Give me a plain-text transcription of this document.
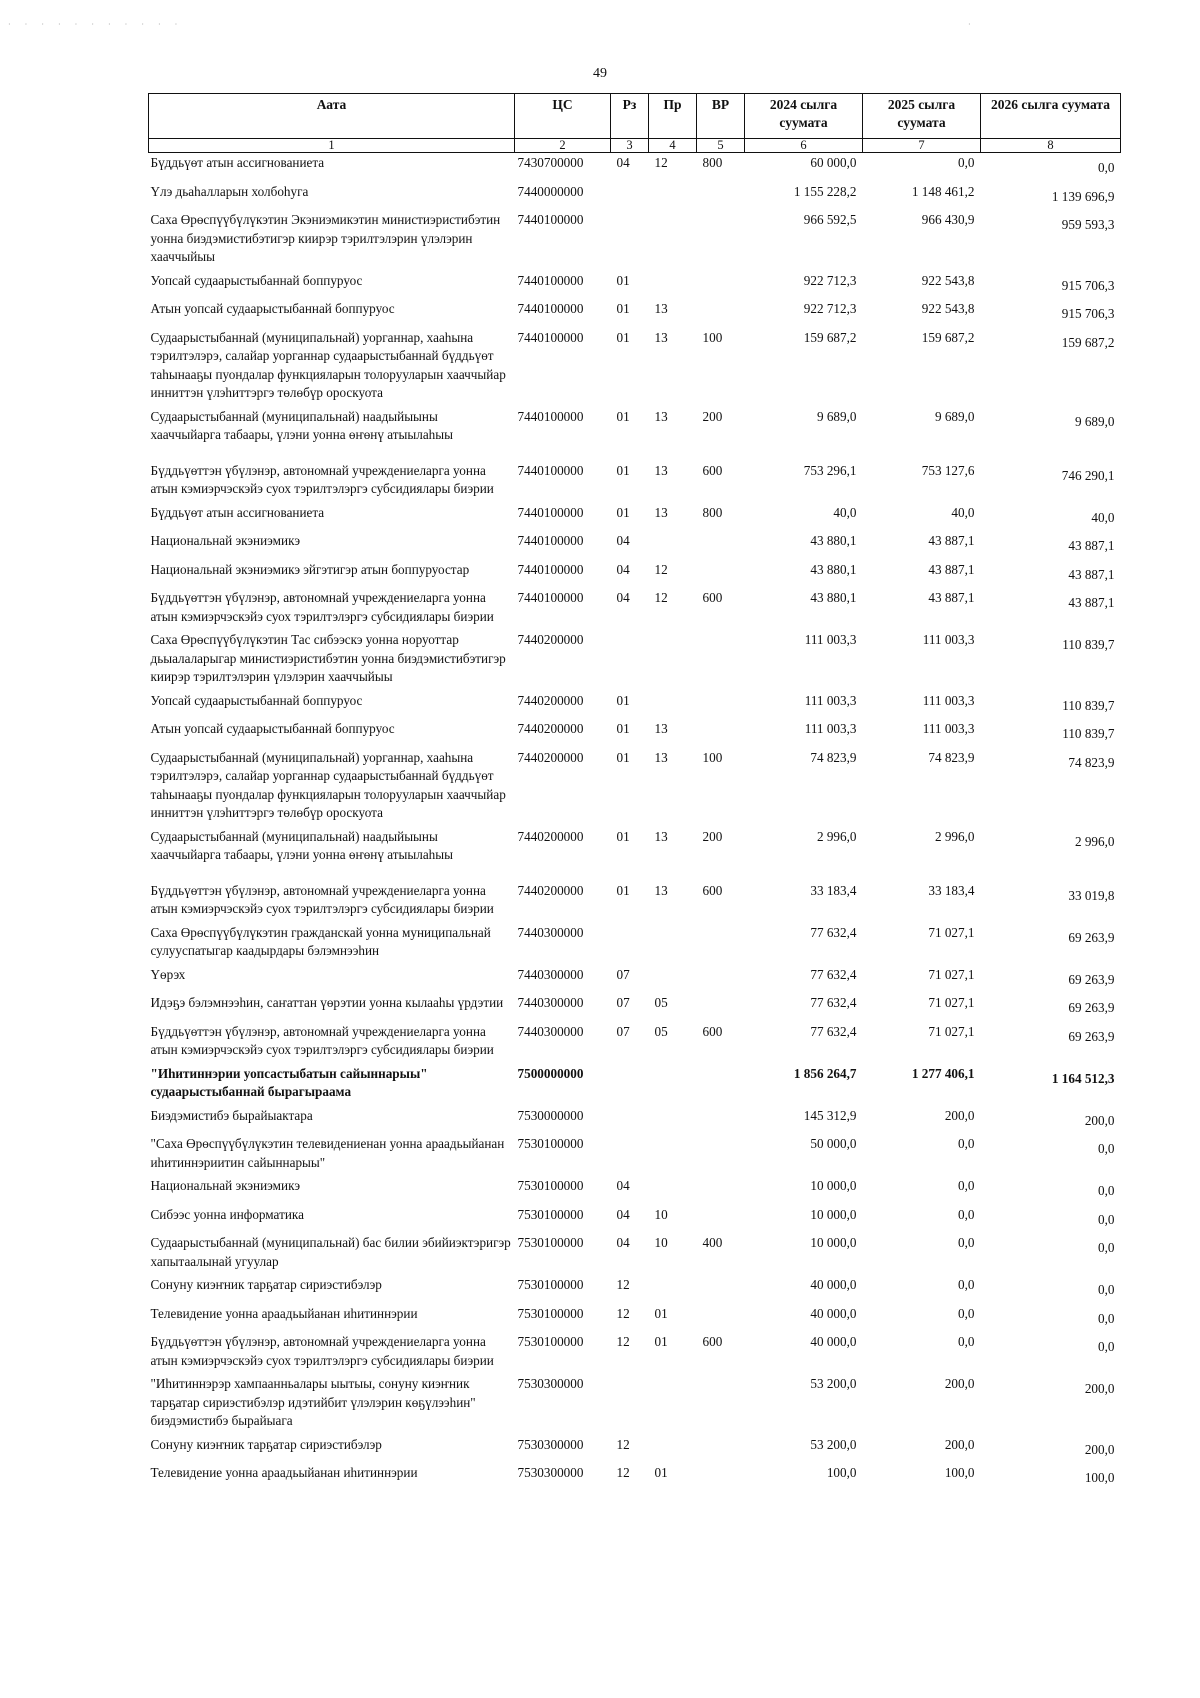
· · · · · · · · · · ·	·
49
Аата	ЦС	Рз	Пр	ВР	2024 сылга суумата	2025 сылга суумата	2026 сылга суумата
1	2	3	4	5	6	7	8
Бүддьүөт атын ассигнованиета	7430700000	04	12	800	60 000,0	0,0	0,0
Үлэ дьаһалларын холбоһуга	7440000000				1 155 228,2	1 148 461,2	1 139 696,9
Саха Өрөспүүбүлүкэтин Экэниэмикэтин министиэристибэтин уонна биэдэмистибэтигэр киирэр тэрилтэлэрин үлэлэрин хааччыйыы	7440100000				966 592,5	966 430,9	959 593,3
Уопсай судаарыстыбаннай боппуруос	7440100000	01			922 712,3	922 543,8	915 706,3
Атын уопсай судаарыстыбаннай боппуруос	7440100000	01	13		922 712,3	922 543,8	915 706,3
Судаарыстыбаннай (муниципальнай) уорганнар, хааһына тэрилтэлэрэ, салайар уорганнар судаарыстыбаннай бүддьүөт таһынааҕы пуондалар функцияларын толорууларын хааччыйар инниттэн үлэһиттэргэ төлөбүр ороскуота	7440100000	01	13	100	159 687,2	159 687,2	159 687,2
Судаарыстыбаннай (муниципальнай) наадыйыыны хааччыйарга табаары, үлэни уонна өҥөнү атыылаһыы	7440100000	01	13	200	9 689,0	9 689,0	9 689,0
Бүддьүөттэн үбүлэнэр, автономнай учреждениеларга уонна атын кэмиэрчэскэйэ суох тэрилтэлэргэ субсидиялары биэрии	7440100000	01	13	600	753 296,1	753 127,6	746 290,1
Бүддьүөт атын ассигнованиета	7440100000	01	13	800	40,0	40,0	40,0
Национальнай экэниэмикэ	7440100000	04			43 880,1	43 887,1	43 887,1
Национальнай экэниэмикэ эйгэтигэр атын боппуруостар	7440100000	04	12		43 880,1	43 887,1	43 887,1
Бүддьүөттэн үбүлэнэр, автономнай учреждениеларга уонна атын кэмиэрчэскэйэ суох тэрилтэлэргэ субсидиялары биэрии	7440100000	04	12	600	43 880,1	43 887,1	43 887,1
Саха Өрөспүүбүлүкэтин Тас сибээскэ уонна норуоттар дьыалаларыгар министиэристибэтин уонна биэдэмистибэтигэр киирэр тэрилтэлэрин үлэлэрин хааччыйыы	7440200000				111 003,3	111 003,3	110 839,7
Уопсай судаарыстыбаннай боппуруос	7440200000	01			111 003,3	111 003,3	110 839,7
Атын уопсай судаарыстыбаннай боппуруос	7440200000	01	13		111 003,3	111 003,3	110 839,7
Судаарыстыбаннай (муниципальнай) уорганнар, хааһына тэрилтэлэрэ, салайар уорганнар судаарыстыбаннай бүддьүөт таһынааҕы пуондалар функцияларын толорууларын хааччыйар инниттэн үлэһиттэргэ төлөбүр ороскуота	7440200000	01	13	100	74 823,9	74 823,9	74 823,9
Судаарыстыбаннай (муниципальнай) наадыйыыны хааччыйарга табаары, үлэни уонна өҥөнү атыылаһыы	7440200000	01	13	200	2 996,0	2 996,0	2 996,0
Бүддьүөттэн үбүлэнэр, автономнай учреждениеларга уонна атын кэмиэрчэскэйэ суох тэрилтэлэргэ субсидиялары биэрии	7440200000	01	13	600	33 183,4	33 183,4	33 019,8
Саха Өрөспүүбүлүкэтин гражданскай уонна муниципальнай сулууспатыгар каадырдары бэлэмнээһин	7440300000				77 632,4	71 027,1	69 263,9
Үөрэх	7440300000	07			77 632,4	71 027,1	69 263,9
Идэҕэ бэлэмнээһин, саҥаттан үөрэтии уонна кылааһы үрдэтии	7440300000	07	05		77 632,4	71 027,1	69 263,9
Бүддьүөттэн үбүлэнэр, автономнай учреждениеларга уонна атын кэмиэрчэскэйэ суох тэрилтэлэргэ субсидиялары биэрии	7440300000	07	05	600	77 632,4	71 027,1	69 263,9
"Иһитиннэрии уопсастыбатын сайыннарыы" судаарыстыбаннай бырагыраама	7500000000				1 856 264,7	1 277 406,1	1 164 512,3
Биэдэмистибэ бырайыактара	7530000000				145 312,9	200,0	200,0
"Саха Өрөспүүбүлүкэтин телевидениенан уонна араадьыйанан иһитиннэриитин сайыннарыы"	7530100000				50 000,0	0,0	0,0
Национальнай экэниэмикэ	7530100000	04			10 000,0	0,0	0,0
Сибээс уонна информатика	7530100000	04	10		10 000,0	0,0	0,0
Судаарыстыбаннай (муниципальнай) бас билии эбийиэктэригэр хапытаалынай угуулар	7530100000	04	10	400	10 000,0	0,0	0,0
Сонуну киэҥник тарҕатар сириэстибэлэр	7530100000	12			40 000,0	0,0	0,0
Телевидение уонна араадьыйанан иһитиннэрии	7530100000	12	01		40 000,0	0,0	0,0
Бүддьүөттэн үбүлэнэр, автономнай учреждениеларга уонна атын кэмиэрчэскэйэ суох тэрилтэлэргэ субсидиялары биэрии	7530100000	12	01	600	40 000,0	0,0	0,0
"Иһитиннэрэр хампаанньалары ыытыы, сонуну киэҥник тарҕатар сириэстибэлэр идэтийбит үлэлэрин көҕүлээһин" биэдэмистибэ бырайыага	7530300000				53 200,0	200,0	200,0
Сонуну киэҥник тарҕатар сириэстибэлэр	7530300000	12			53 200,0	200,0	200,0
Телевидение уонна араадьыйанан иһитиннэрии	7530300000	12	01		100,0	100,0	100,0
